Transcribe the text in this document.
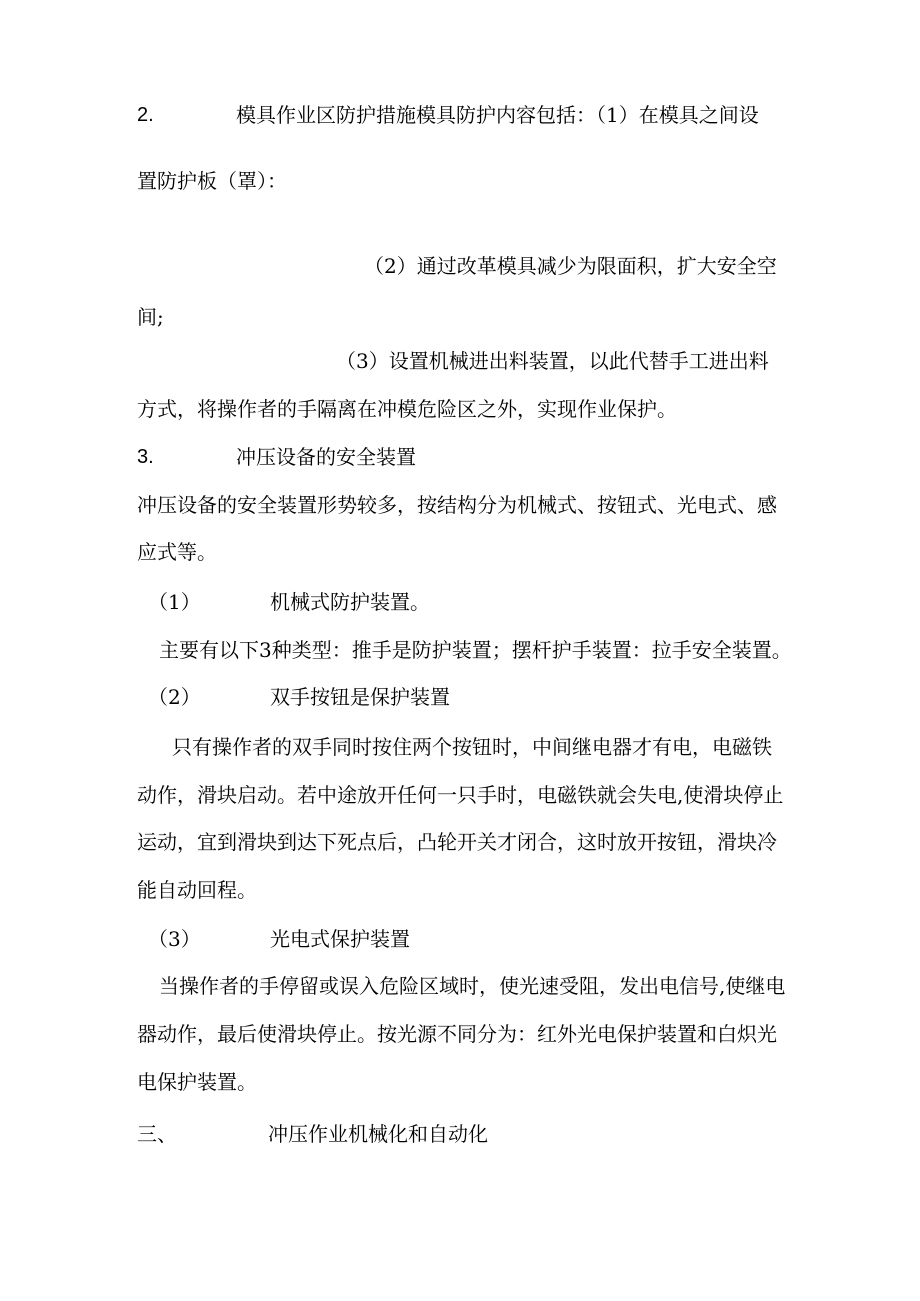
2.	模具作业区防护措施模具防护内容包括：（1）在模具之间设

置防护板（罩）：

（2）通过改革模具减少为限面积，扩大安全空

间;

（3）设置机械进出料装置，以此代替手工进出料

方式，将操作者的手隔离在冲模危险区之外，实现作业保护。

3.	冲压设备的安全装置

冲压设备的安全装置形势较多，按结构分为机械式、按钮式、光电式、感

应式等。

（1）	机械式防护装置。

主要有以下3种类型：推手是防护装置；摆杆护手装置：拉手安全装置。

（2）	双手按钮是保护装置

只有操作者的双手同时按住两个按钮时，中间继电器才有电，电磁铁

动作，滑块启动。若中途放开任何一只手时，电磁铁就会失电,使滑块停止

运动，宜到滑块到达下死点后，凸轮开关才闭合，这时放开按钮，滑块冷

能自动回程。

（3）	光电式保护装置

当操作者的手停留或误入危险区域时，使光速受阻，发出电信号,使继电

器动作，最后使滑块停止。按光源不同分为：红外光电保护装置和白炽光

电保护装置。

三、	冲压作业机械化和自动化
